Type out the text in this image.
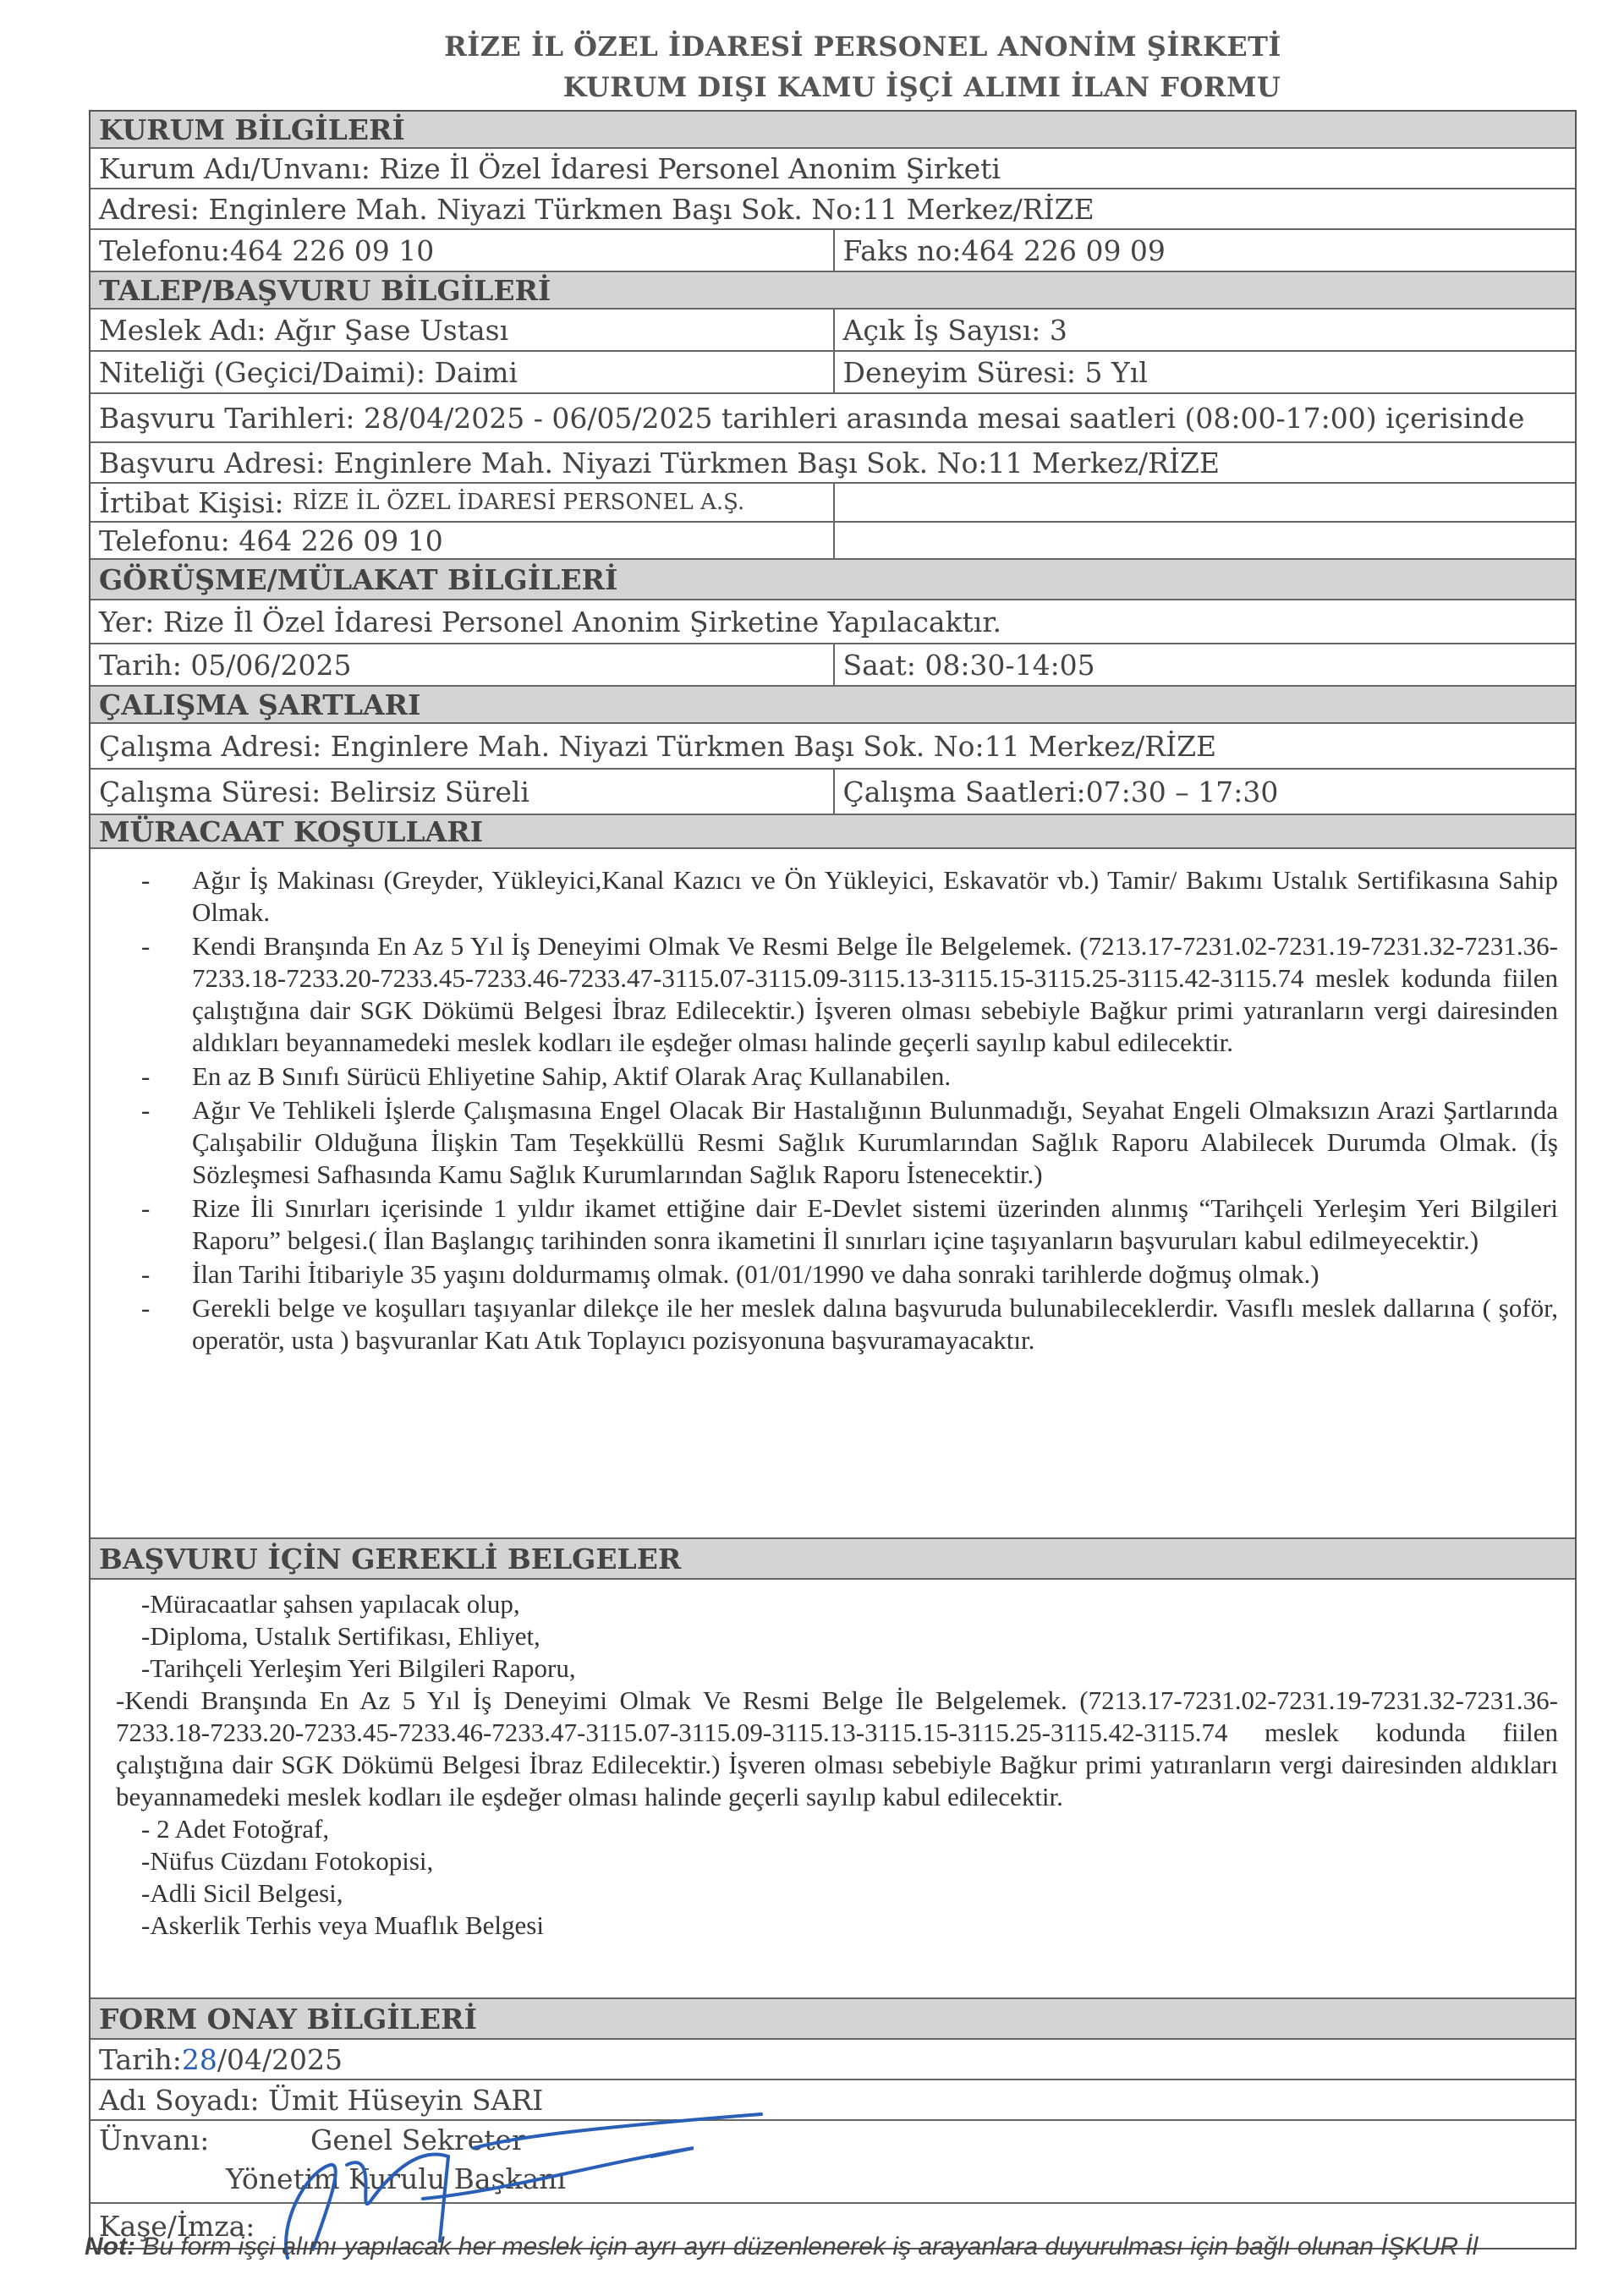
RİZE İL ÖZEL İDARESİ PERSONEL ANONİM ŞİRKETİ
KURUM DIŞI KAMU İŞÇİ ALIMI İLAN FORMU
KURUM BİLGİLERİ
Kurum Adı/Unvanı: Rize İl Özel İdaresi Personel Anonim Şirketi
Adresi: Enginlere Mah. Niyazi Türkmen Başı Sok. No:11 Merkez/RİZE
Telefonu:464 226 09 10	Faks no:464 226 09 09
TALEP/BAŞVURU BİLGİLERİ
Meslek Adı: Ağır Şase Ustası	Açık İş Sayısı: 3
Niteliği (Geçici/Daimi): Daimi	Deneyim Süresi: 5 Yıl
Başvuru Tarihleri: 28/04/2025 - 06/05/2025 tarihleri arasında mesai saatleri (08:00-17:00) içerisinde
Başvuru Adresi: Enginlere Mah. Niyazi Türkmen Başı Sok. No:11 Merkez/RİZE
İrtibat Kişisi:
RİZE İL ÖZEL İDARESİ PERSONEL A.Ş.
Telefonu: 464 226 09 10
GÖRÜŞME/MÜLAKAT BİLGİLERİ
Yer: Rize İl Özel İdaresi Personel Anonim Şirketine Yapılacaktır.
Tarih: 05/06/2025	Saat: 08:30-14:05
ÇALIŞMA ŞARTLARI
Çalışma Adresi: Enginlere Mah. Niyazi Türkmen Başı Sok. No:11 Merkez/RİZE
Çalışma Süresi: Belirsiz Süreli	Çalışma Saatleri:07:30 – 17:30
MÜRACAAT KOŞULLARI
-	Ağır İş Makinası (Greyder, Yükleyici,Kanal Kazıcı ve Ön Yükleyici, Eskavatör vb.) Tamir/ Bakımı Ustalık Sertifikasına Sahip Olmak.
-	Kendi Branşında En Az 5 Yıl İş Deneyimi Olmak Ve Resmi Belge İle Belgelemek. (7213.17-7231.02-7231.19-7231.32-7231.36-7233.18-7233.20-7233.45-7233.46-7233.47-3115.07-3115.09-3115.13-3115.15-3115.25-3115.42-3115.74 meslek kodunda fiilen çalıştığına dair SGK Dökümü Belgesi İbraz Edilecektir.) İşveren olması sebebiyle Bağkur primi yatıranların vergi dairesinden aldıkları beyannamedeki meslek kodları ile eşdeğer olması halinde geçerli sayılıp kabul edilecektir.
-	En az B Sınıfı Sürücü Ehliyetine Sahip, Aktif Olarak Araç Kullanabilen.
-	Ağır Ve Tehlikeli İşlerde Çalışmasına Engel Olacak Bir Hastalığının Bulunmadığı, Seyahat Engeli Olmaksızın Arazi Şartlarında Çalışabilir Olduğuna İlişkin Tam Teşekküllü Resmi Sağlık Kurumlarından Sağlık Raporu Alabilecek Durumda Olmak. (İş Sözleşmesi Safhasında Kamu Sağlık Kurumlarından Sağlık Raporu İstenecektir.)
-	Rize İli Sınırları içerisinde 1 yıldır ikamet ettiğine dair E-Devlet sistemi üzerinden alınmış “Tarihçeli Yerleşim Yeri Bilgileri Raporu” belgesi.( İlan Başlangıç tarihinden sonra ikametini İl sınırları içine taşıyanların başvuruları kabul edilmeyecektir.)
-	İlan Tarihi İtibariyle 35 yaşını doldurmamış olmak. (01/01/1990 ve daha sonraki tarihlerde doğmuş olmak.)
-	Gerekli belge ve koşulları taşıyanlar dilekçe ile her meslek dalına başvuruda bulunabileceklerdir. Vasıflı meslek dallarına ( şoför, operatör, usta ) başvuranlar Katı Atık Toplayıcı pozisyonuna başvuramayacaktır.
BAŞVURU İÇİN GEREKLİ BELGELER
-Müracaatlar şahsen yapılacak olup,
-Diploma, Ustalık Sertifikası, Ehliyet,
-Tarihçeli Yerleşim Yeri Bilgileri Raporu,
-Kendi Branşında En Az 5 Yıl İş Deneyimi Olmak Ve Resmi Belge İle Belgelemek. (7213.17-7231.02-7231.19-7231.32-7231.36-7233.18-7233.20-7233.45-7233.46-7233.47-3115.07-3115.09-3115.13-3115.15-3115.25-3115.42-3115.74 meslek kodunda fiilen çalıştığına dair SGK Dökümü Belgesi İbraz Edilecektir.) İşveren olması sebebiyle Bağkur primi yatıranların vergi dairesinden aldıkları beyannamedeki meslek kodları ile eşdeğer olması halinde geçerli sayılıp kabul edilecektir.
- 2 Adet Fotoğraf,
-Nüfus Cüzdanı Fotokopisi,
-Adli Sicil Belgesi,
-Askerlik Terhis veya Muaflık Belgesi
FORM ONAY BİLGİLERİ
Tarih: 28 /04/2025
Adı Soyadı: Ümit Hüseyin SARI
Ünvanı:	Genel Sekreter
Yönetim Kurulu Başkanı
Kaşe/İmza:
Not: Bu form işçi alımı yapılacak her meslek için ayrı ayrı düzenlenerek iş arayanlara duyurulması için bağlı olunan İŞKUR İl
